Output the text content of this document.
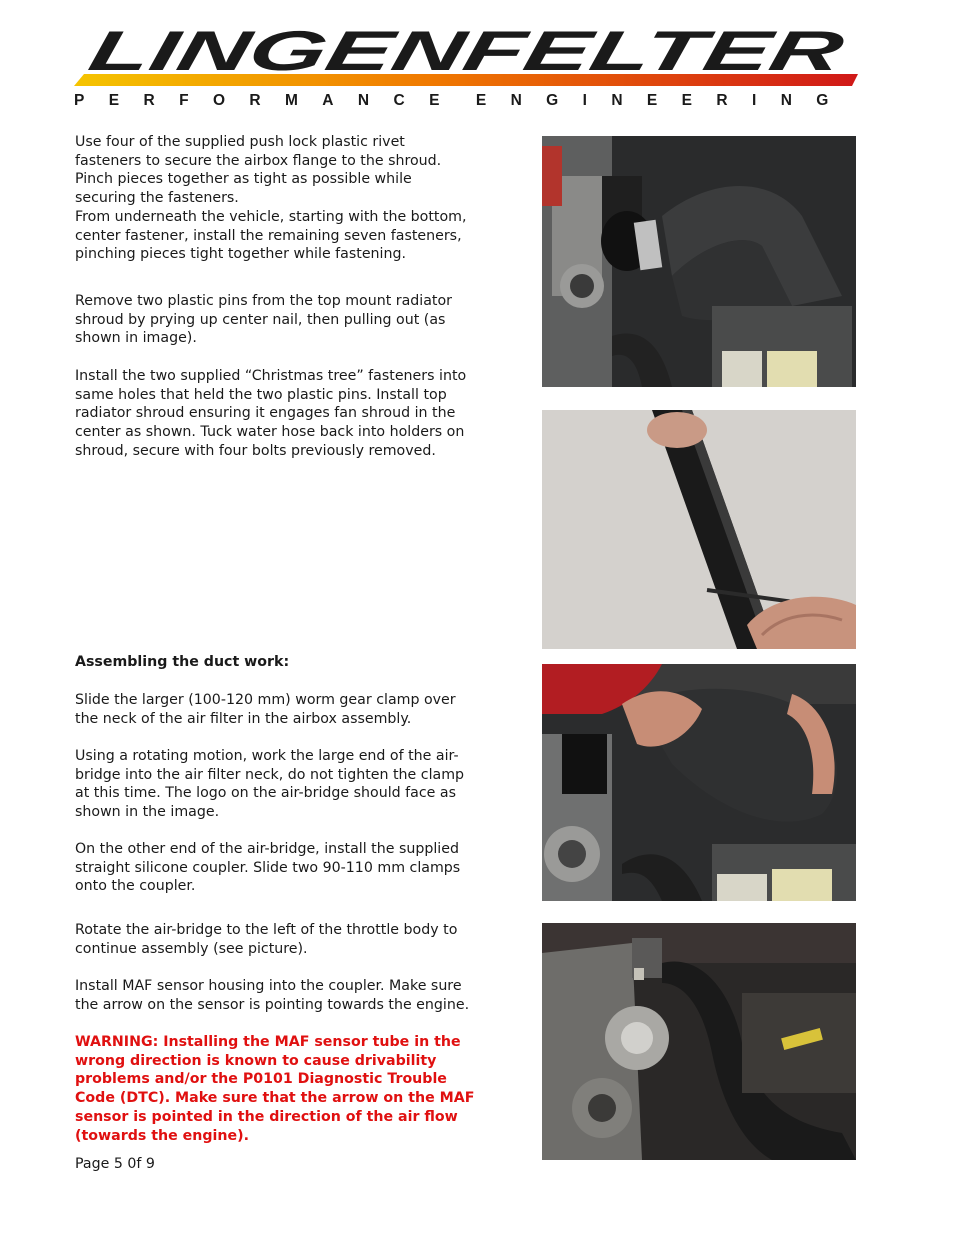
LINGENFELTER
PERFORMANCE ENGINEERING

Use four of the supplied push lock plastic rivet fasteners to secure the airbox flange to the shroud. Pinch pieces together as tight as possible while securing the fasteners.

From underneath the vehicle, starting with the bottom, center fastener, install the remaining seven fasteners, pinching pieces tight together while fastening.

Remove two plastic pins from the top mount radiator shroud by prying up center nail, then pulling out (as shown in image).

Install the two supplied “Christmas tree” fasteners into same holes that held the two plastic pins. Install top radiator shroud ensuring it engages fan shroud in the center as shown. Tuck water hose back into holders on shroud, secure with four bolts previously removed.

Assembling the duct work:

Slide the larger (100-120 mm) worm gear clamp over the neck of the air filter in the airbox assembly.

Using a rotating motion, work the large end of the air-bridge into the air filter neck, do not tighten the clamp at this time. The logo on the air-bridge should face as shown in the image.

On the other end of the air-bridge, install the supplied straight silicone coupler. Slide two 90-110 mm clamps onto the coupler.

Rotate the air-bridge to the left of the throttle body to continue assembly (see picture).

Install MAF sensor housing into the coupler. Make sure the arrow on the sensor is pointing towards the engine.

WARNING: Installing the MAF sensor tube in the wrong direction is known to cause drivability problems and/or the P0101 Diagnostic Trouble Code (DTC). Make sure that the arrow on the MAF sensor is pointed in the direction of the air flow (towards the engine).

Page 5 0f 9
